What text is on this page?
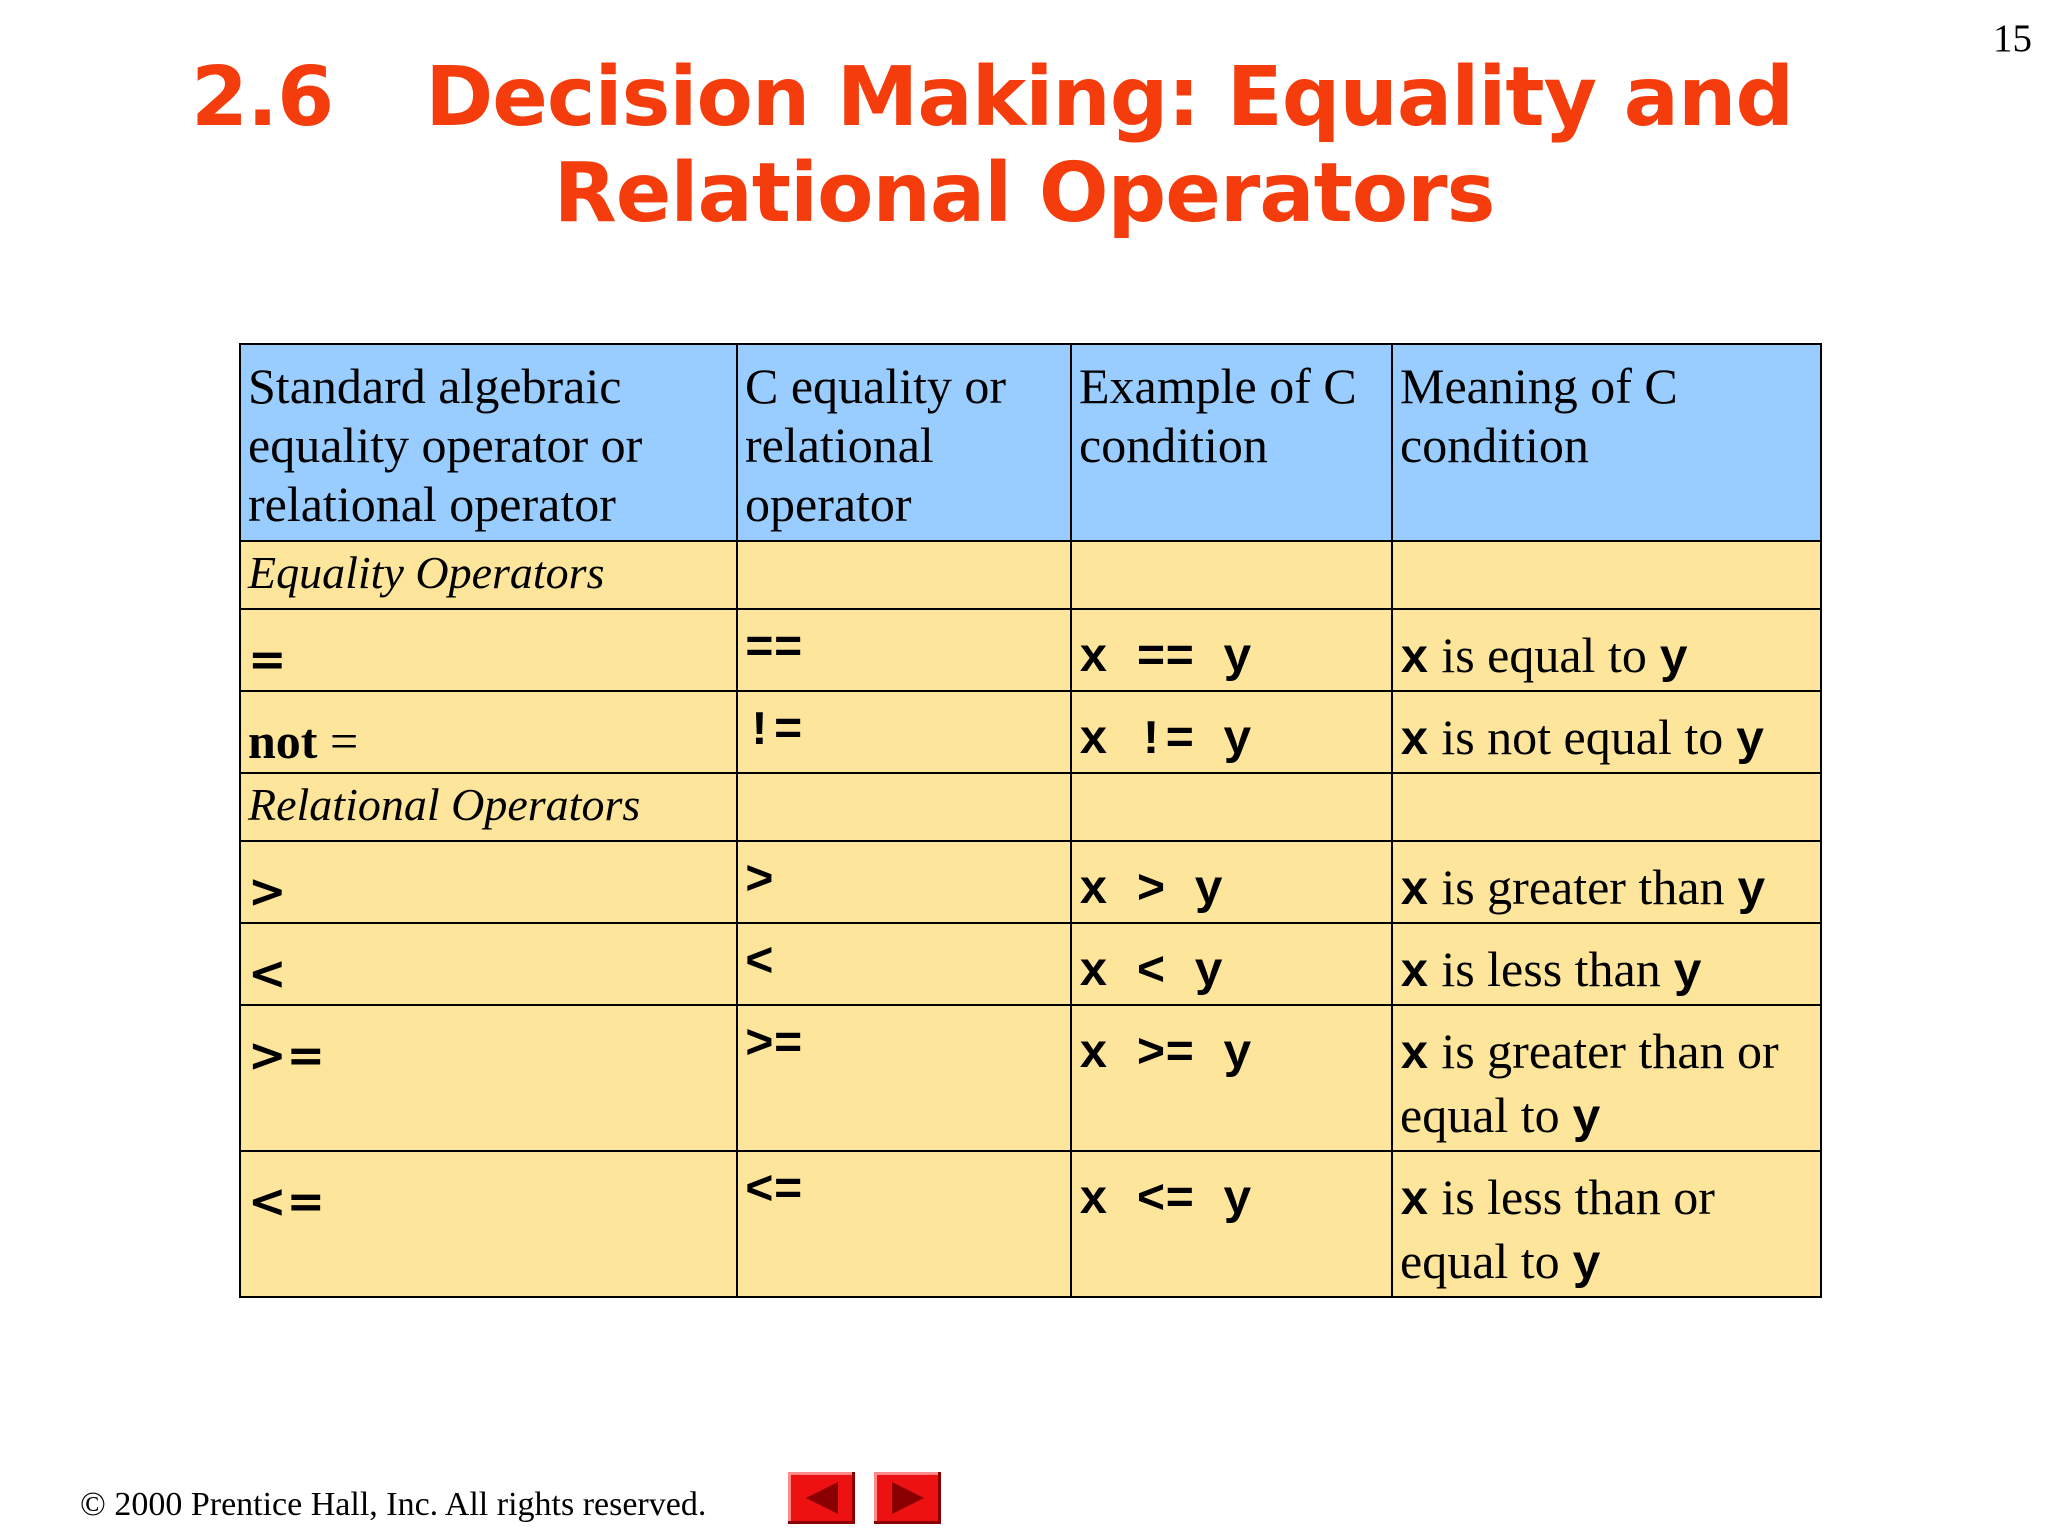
15
2.6 Decision Making: Equality and
Relational Operators
Standard algebraic equality operator or relational operator	C equality or relational operator	Example of C condition	Meaning of C condition
Equality Operators			

=	==	x == y	x is equal to y

not =	!=	x != y	x is not equal to y

Relational Operators			

>	>	x > y	x is greater than y

<	<	x < y	x is less than y

>=	>=	x >= y	x is greater than or equal to y

<=	<=	x <= y	x is less than or equal to y
© 2000 Prentice Hall, Inc. All rights reserved.
